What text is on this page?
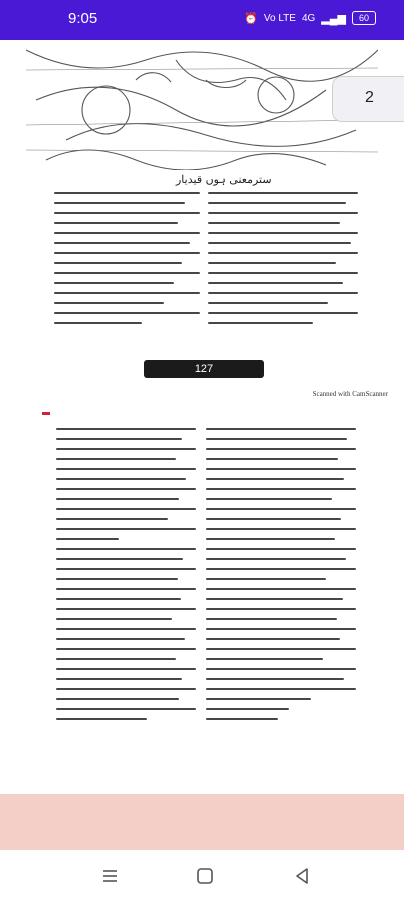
9:05	⏰ Vo LTE 4G ▂▄▆	60
سترمعنی ہوں قیدیار
127
Scanned with CamScanner
2
